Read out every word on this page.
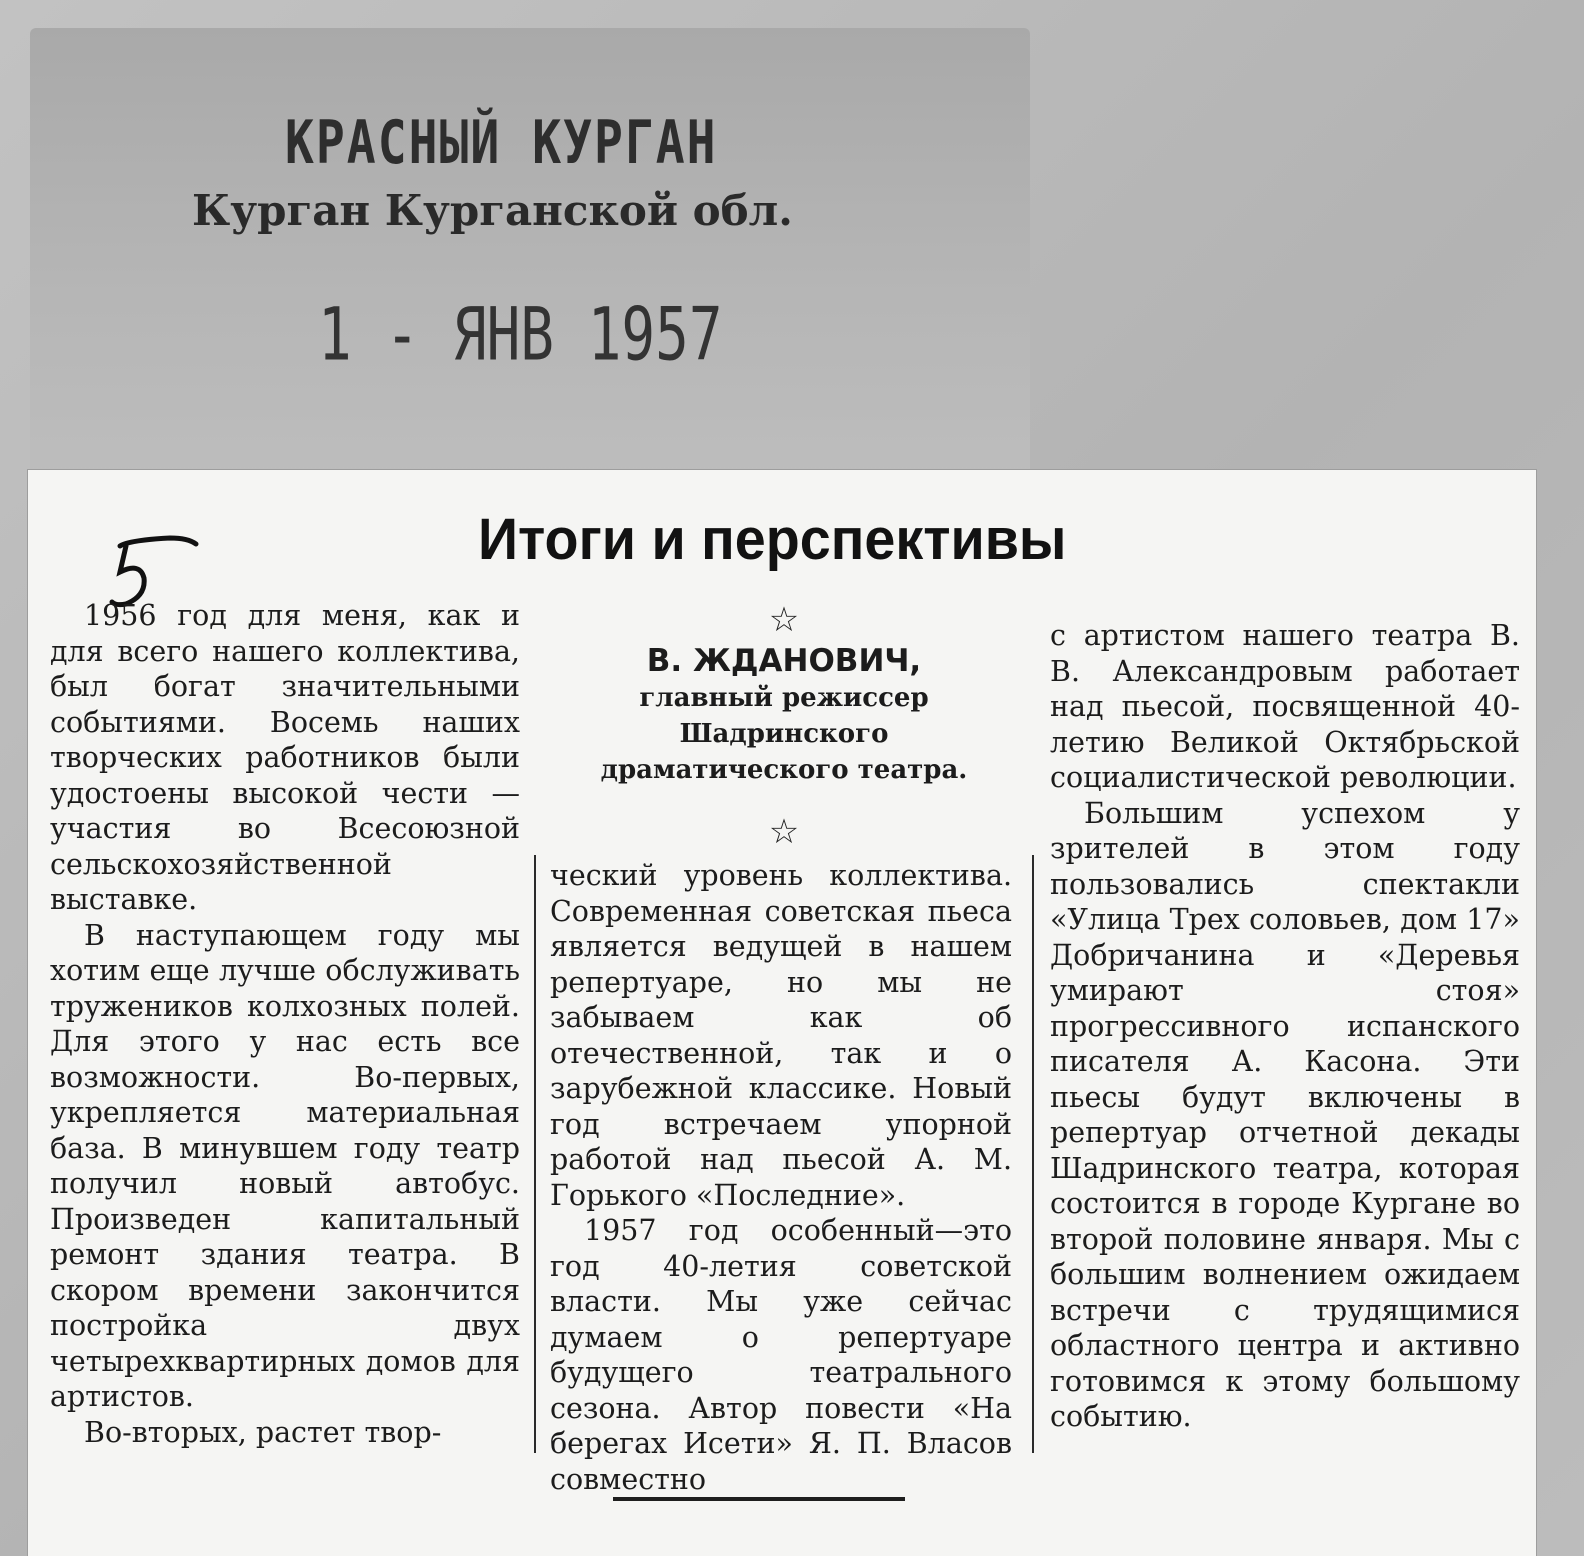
КРАСНЫЙ КУРГАН
Курган Курганской обл.
1 - ЯНВ 1957
Итоги и перспективы

1956 год для меня, как и для всего нашего коллектива, был богат значительными событиями. Восемь наших творческих работников были удостоены высокой чести — участия во Всесоюзной сельскохозяйственной выставке.

В наступающем году мы хотим еще лучше обслуживать тружеников колхозных полей. Для этого у нас есть все возможности. Во-первых, укрепляется материальная база. В минувшем году театр получил новый автобус. Произведен капитальный ремонт здания театра. В скором времени закончится постройка двух четырехквартирных домов для артистов.

Во-вторых, растет твор-

☆
В. ЖДАНОВИЧ,
главный режиссер
Шадринского
драматического театра.
☆

ческий уровень коллектива. Современная советская пьеса является ведущей в нашем репертуаре, но мы не забываем как об отечественной, так и о зарубежной классике. Новый год встречаем упорной работой над пьесой А. М. Горького «Последние».

1957 год особенный—это год 40-летия советской власти. Мы уже сейчас думаем о репертуаре будущего театрального сезона. Автор повести «На берегах Исети» Я. П. Власов совместно

с артистом нашего театра В. В. Александровым работает над пьесой, посвященной 40-летию Великой Октябрьской социалистической революции.

Большим успехом у зрителей в этом году пользовались спектакли «Улица Трех соловьев, дом 17» Добричанина и «Деревья умирают стоя» прогрессивного испанского писателя А. Касона. Эти пьесы будут включены в репертуар отчетной декады Шадринского театра, которая состоится в городе Кургане во второй половине января. Мы с большим волнением ожидаем встречи с трудящимися областного центра и активно готовимся к этому большому событию.
